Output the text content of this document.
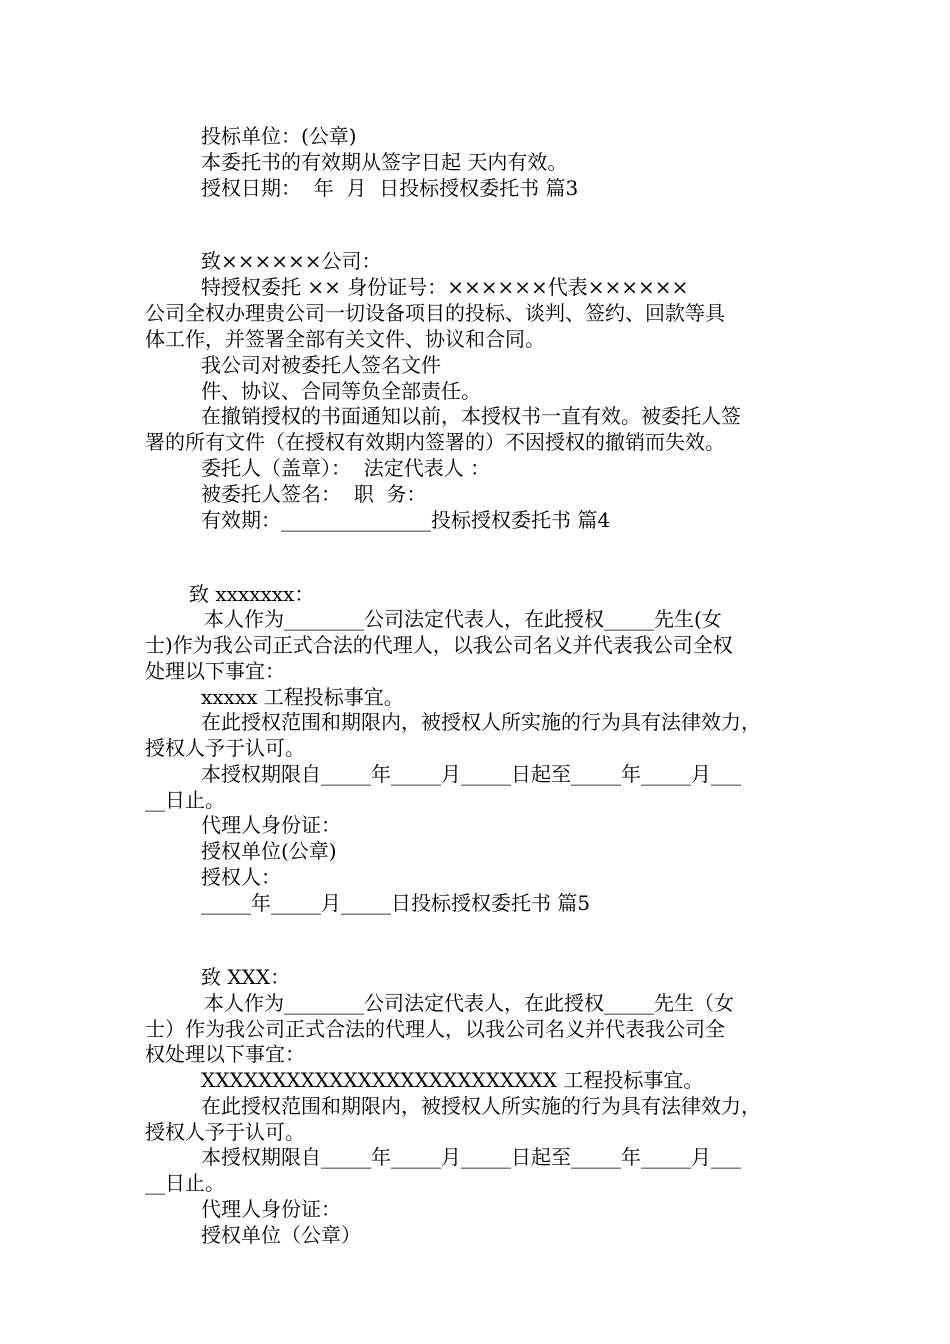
投标单位：(公章)
本委托书的有效期从签字日起 天内有效。
授权日期：  年  月  日投标授权委托书 篇3
致××××××公司：
特授权委托 ×× 身份证号：××××××代表××××××
公司全权办理贵公司一切设备项目的投标、谈判、签约、回款等具
体工作，并签署全部有关文件、协议和合同。
我公司对被委托人签名文件
件、协议、合同等负全部责任。
在撤销授权的书面通知以前，本授权书一直有效。被委托人签
署的所有文件（在授权有效期内签署的）不因授权的撤销而失效。
委托人（盖章）：  法定代表人 ：
被委托人签名：  职  务：
有效期：_______________投标授权委托书 篇4
致 xxxxxxx：
本人作为________公司法定代表人，在此授权_____先生(女
士)作为我公司正式合法的代理人，以我公司名义并代表我公司全权
处理以下事宜：
xxxxx 工程投标事宜。
在此授权范围和期限内，被授权人所实施的行为具有法律效力，
授权人予于认可。
本授权期限自_____年_____月_____日起至_____年_____月___
__日止。
代理人身份证：
授权单位(公章)
授权人：
_____年_____月_____日投标授权委托书 篇5
致 XXX：
本人作为________公司法定代表人，在此授权_____先生（女
士）作为我公司正式合法的代理人，以我公司名义并代表我公司全
权处理以下事宜：
XXXXXXXXXXXXXXXXXXXXXXXXX 工程投标事宜。
在此授权范围和期限内，被授权人所实施的行为具有法律效力，
授权人予于认可。
本授权期限自_____年_____月_____日起至_____年_____月___
__日止。
代理人身份证：
授权单位（公章）
